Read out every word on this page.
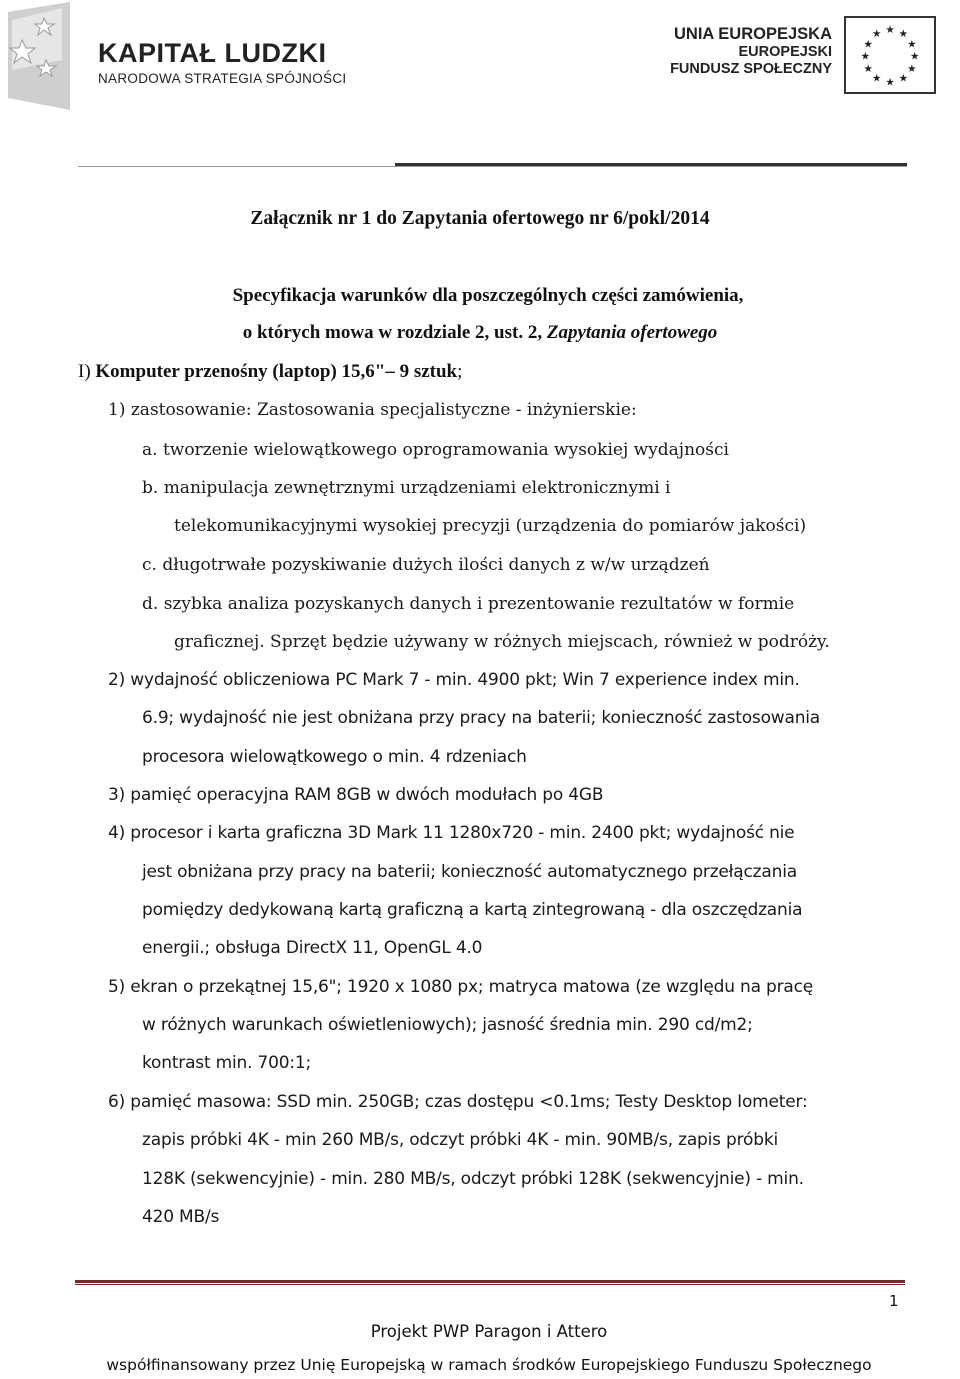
KAPITAŁ LUDZKI
NARODOWA STRATEGIA SPÓJNOŚCI
UNIA EUROPEJSKA
EUROPEJSKI
FUNDUSZ SPOŁECZNY
★ ★
★
★
★
★
★
★
★
★
★
★
Załącznik nr 1 do Zapytania ofertowego nr 6/pokl/2014
Specyfikacja warunków dla poszczególnych części zamówienia,
o których mowa w rozdziale 2, ust. 2, Zapytania ofertowego
I) Komputer przenośny (laptop) 15,6"– 9 sztuk;
1) zastosowanie: Zastosowania specjalistyczne - inżynierskie:
a. tworzenie wielowątkowego oprogramowania wysokiej wydajności
b. manipulacja zewnętrznymi urządzeniami elektronicznymi i
telekomunikacyjnymi wysokiej precyzji (urządzenia do pomiarów jakości)
c. długotrwałe pozyskiwanie dużych ilości danych z w/w urządzeń
d. szybka analiza pozyskanych danych i prezentowanie rezultatów w formie
graficznej. Sprzęt będzie używany w różnych miejscach, również w podróży.
2) wydajność obliczeniowa PC Mark 7 - min. 4900 pkt; Win 7 experience index min.
6.9; wydajność nie jest obniżana przy pracy na baterii; konieczność zastosowania
procesora wielowątkowego o min. 4 rdzeniach
3) pamięć operacyjna RAM 8GB w dwóch modułach po 4GB
4) procesor i karta graficzna 3D Mark 11 1280x720 - min. 2400 pkt; wydajność nie
jest obniżana przy pracy na baterii; konieczność automatycznego przełączania
pomiędzy dedykowaną kartą graficzną a kartą zintegrowaną - dla oszczędzania
energii.; obsługa DirectX 11, OpenGL 4.0
5) ekran o przekątnej 15,6"; 1920 x 1080 px; matryca matowa (ze względu na pracę
w różnych warunkach oświetleniowych); jasność średnia min. 290 cd/m2;
kontrast min. 700:1;
6) pamięć masowa: SSD min. 250GB; czas dostępu <0.1ms; Testy Desktop Iometer:
zapis próbki 4K - min 260 MB/s, odczyt próbki 4K - min. 90MB/s, zapis próbki
128K (sekwencyjnie) - min. 280 MB/s, odczyt próbki 128K (sekwencyjnie) - min.
420 MB/s
1
Projekt PWP Paragon i Attero
współfinansowany przez Unię Europejską w ramach środków Europejskiego Funduszu Społecznego
